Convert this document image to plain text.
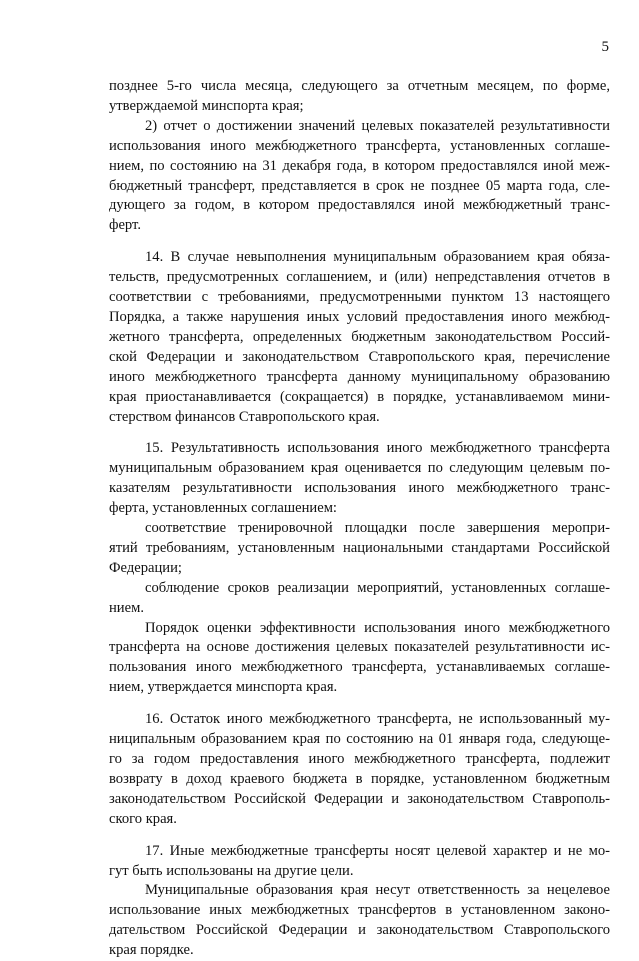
5
позднее 5-го числа месяца, следующего за отчетным месяцем, по форме,
утверждаемой минспорта края;
2) отчет о достижении значений целевых показателей результативности
использования иного межбюджетного трансферта, установленных соглаше-
нием, по состоянию на 31 декабря года, в котором предоставлялся иной меж-
бюджетный трансферт, представляется в срок не позднее 05 марта года, сле-
дующего за годом, в котором предоставлялся иной межбюджетный транс-
ферт.
14. В случае невыполнения муниципальным образованием края обяза-
тельств, предусмотренных соглашением, и (или) непредставления отчетов в
соответствии с требованиями, предусмотренными пунктом 13 настоящего
Порядка, а также нарушения иных условий предоставления иного межбюд-
жетного трансферта, определенных бюджетным законодательством Россий-
ской Федерации и законодательством Ставропольского края, перечисление
иного межбюджетного трансферта данному муниципальному образованию
края приостанавливается (сокращается) в порядке, устанавливаемом мини-
стерством финансов Ставропольского края.
15. Результативность использования иного межбюджетного трансферта
муниципальным образованием края оценивается по следующим целевым по-
казателям результативности использования иного межбюджетного транс-
ферта, установленных соглашением:
соответствие тренировочной площадки после завершения меропри-
ятий требованиям, установленным национальными стандартами Российской
Федерации;
соблюдение сроков реализации мероприятий, установленных соглаше-
нием.
Порядок оценки эффективности использования иного межбюджетного
трансферта на основе достижения целевых показателей результативности ис-
пользования иного межбюджетного трансферта, устанавливаемых соглаше-
нием, утверждается минспорта края.
16. Остаток иного межбюджетного трансферта, не использованный му-
ниципальным образованием края по состоянию на 01 января года, следующе-
го за годом предоставления иного межбюджетного трансферта, подлежит
возврату в доход краевого бюджета в порядке, установленном бюджетным
законодательством Российской Федерации и законодательством Ставрополь-
ского края.
17. Иные межбюджетные трансферты носят целевой характер и не мо-
гут быть использованы на другие цели.
Муниципальные образования края несут ответственность за нецелевое
использование иных межбюджетных трансфертов в установленном законо-
дательством Российской Федерации и законодательством Ставропольского
края порядке.
